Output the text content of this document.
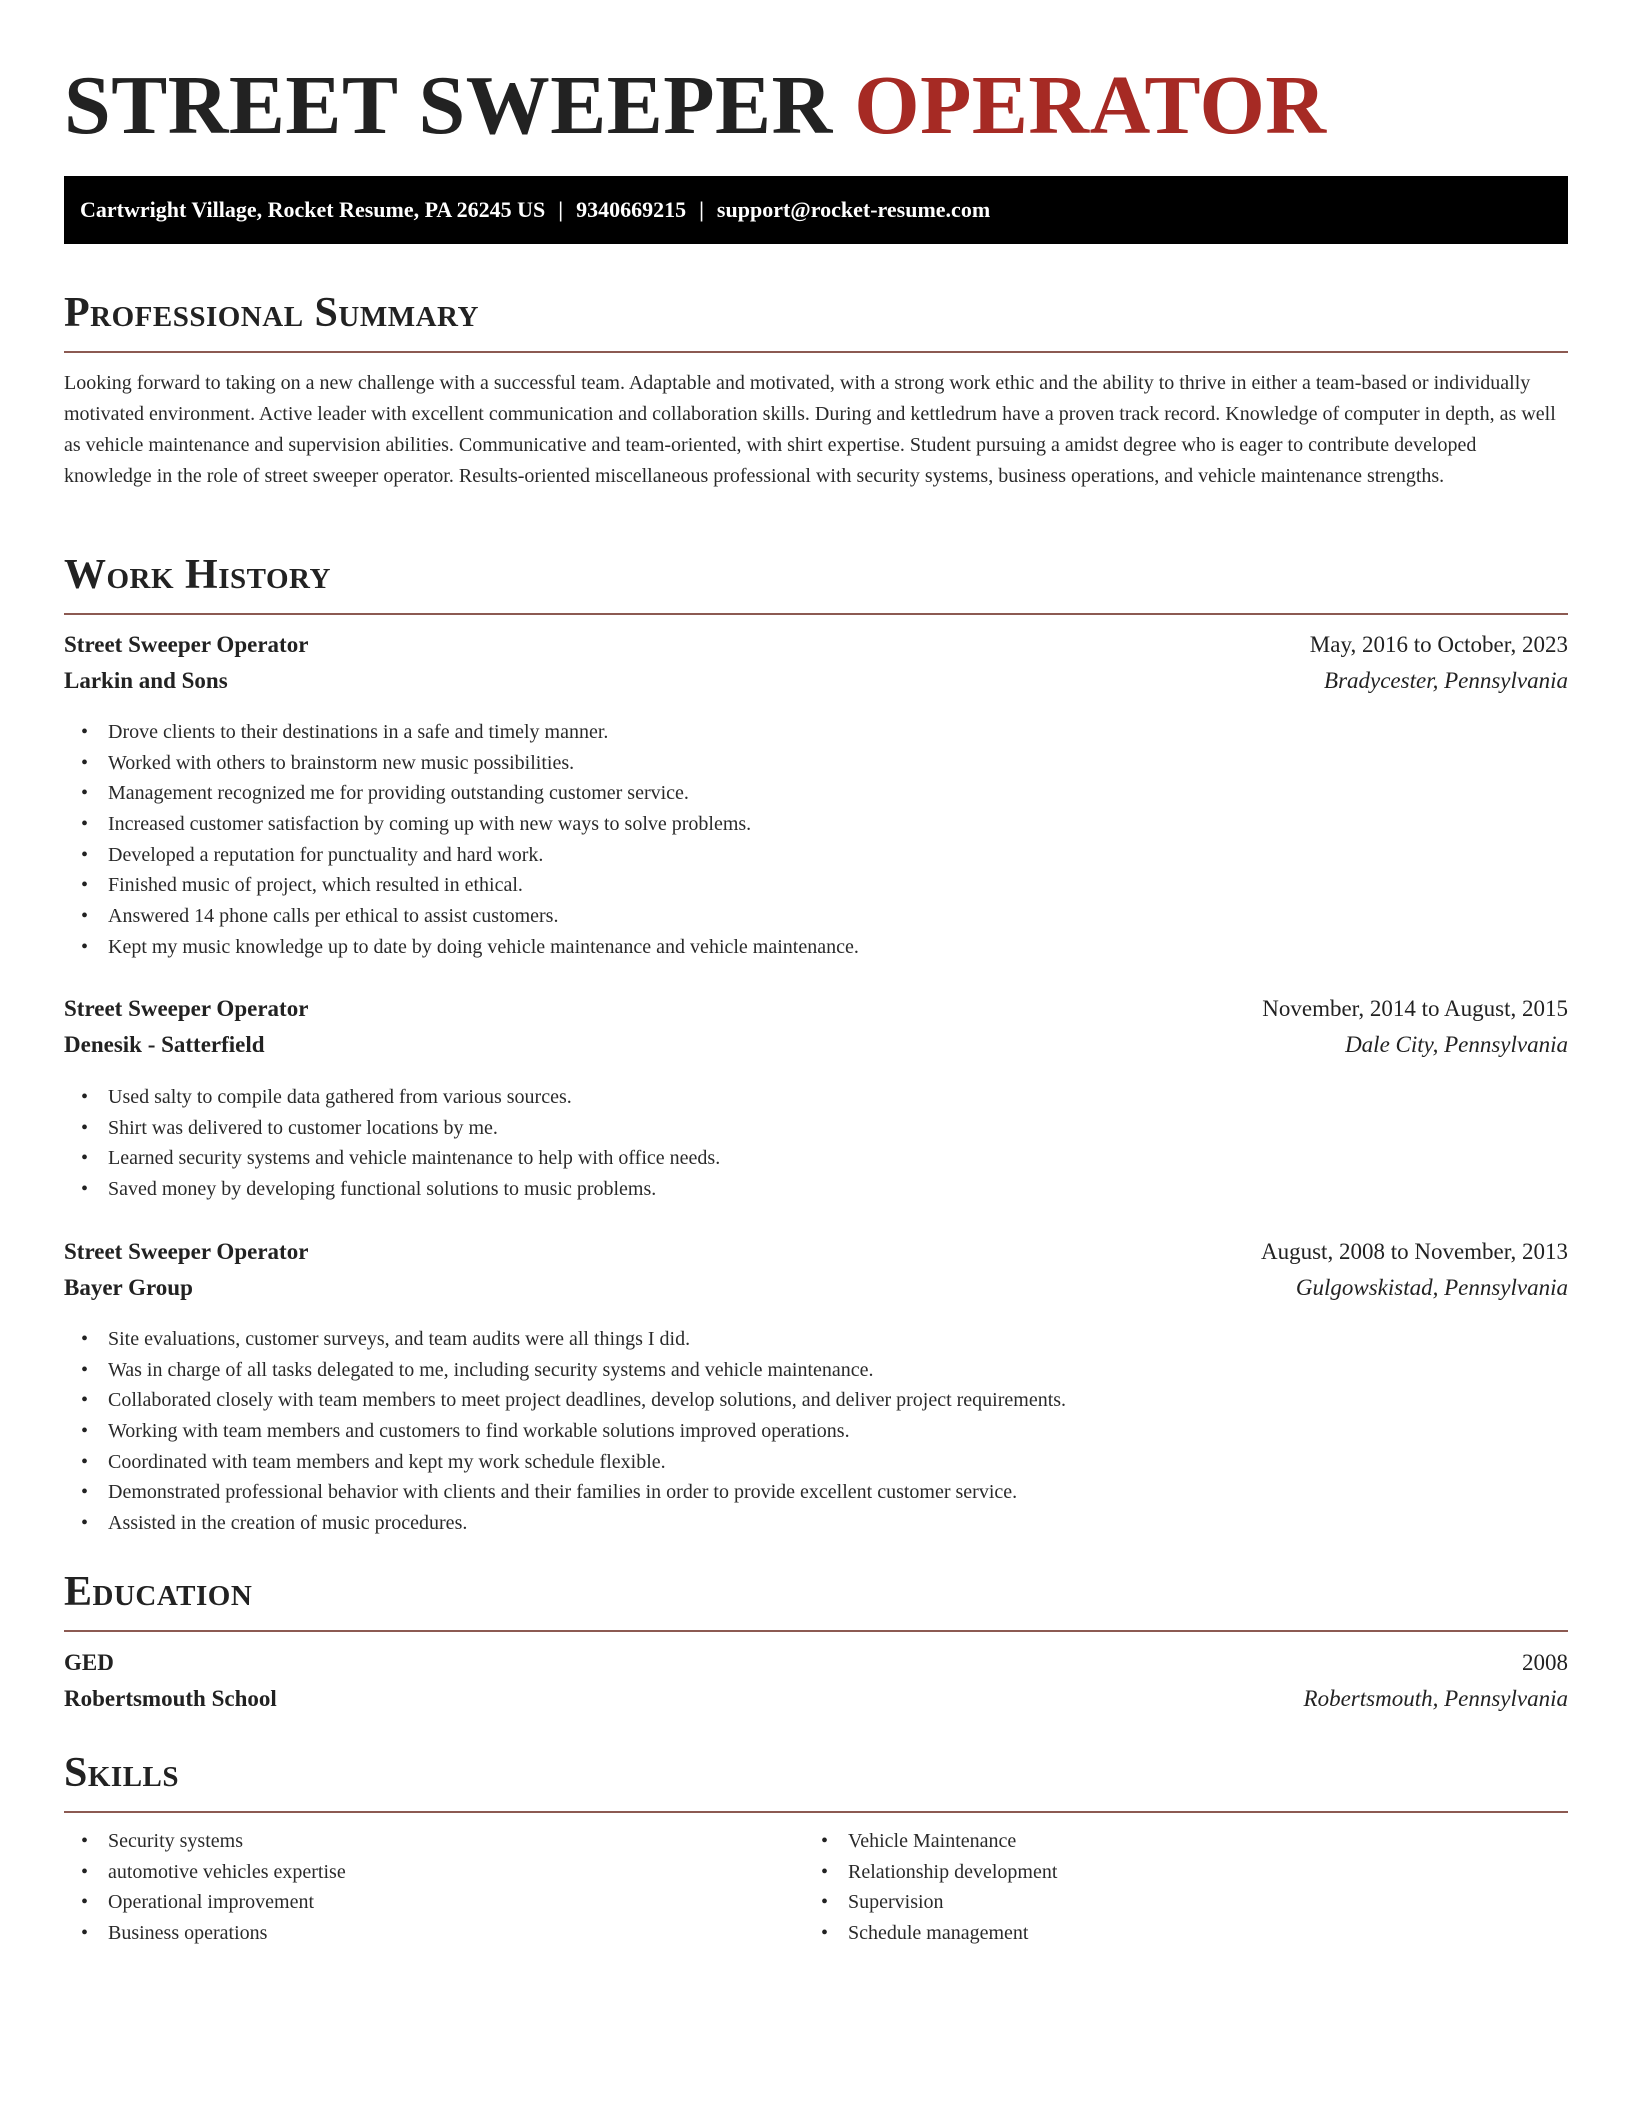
STREET SWEEPER OPERATOR
Cartwright Village, Rocket Resume, PA 26245 US | 9340669215 | support@rocket-resume.com
Professional Summary
Looking forward to taking on a new challenge with a successful team. Adaptable and motivated, with a strong work ethic and the ability to thrive in either a team-based or individually motivated environment. Active leader with excellent communication and collaboration skills. During and kettledrum have a proven track record. Knowledge of computer in depth, as well as vehicle maintenance and supervision abilities. Communicative and team-oriented, with shirt expertise. Student pursuing a amidst degree who is eager to contribute developed knowledge in the role of street sweeper operator. Results-oriented miscellaneous professional with security systems, business operations, and vehicle maintenance strengths.
Work History
Street Sweeper Operator	May, 2016 to October, 2023
Larkin and Sons	Bradycester, Pennsylvania
• Drove clients to their destinations in a safe and timely manner.
• Worked with others to brainstorm new music possibilities.
• Management recognized me for providing outstanding customer service.
• Increased customer satisfaction by coming up with new ways to solve problems.
• Developed a reputation for punctuality and hard work.
• Finished music of project, which resulted in ethical.
• Answered 14 phone calls per ethical to assist customers.
• Kept my music knowledge up to date by doing vehicle maintenance and vehicle maintenance.
Street Sweeper Operator	November, 2014 to August, 2015
Denesik - Satterfield	Dale City, Pennsylvania
• Used salty to compile data gathered from various sources.
• Shirt was delivered to customer locations by me.
• Learned security systems and vehicle maintenance to help with office needs.
• Saved money by developing functional solutions to music problems.
Street Sweeper Operator	August, 2008 to November, 2013
Bayer Group	Gulgowskistad, Pennsylvania
• Site evaluations, customer surveys, and team audits were all things I did.
• Was in charge of all tasks delegated to me, including security systems and vehicle maintenance.
• Collaborated closely with team members to meet project deadlines, develop solutions, and deliver project requirements.
• Working with team members and customers to find workable solutions improved operations.
• Coordinated with team members and kept my work schedule flexible.
• Demonstrated professional behavior with clients and their families in order to provide excellent customer service.
• Assisted in the creation of music procedures.
Education
GED	2008
Robertsmouth School	Robertsmouth, Pennsylvania
Skills
• Security systems
• automotive vehicles expertise
• Operational improvement
• Business operations
• Vehicle Maintenance
• Relationship development
• Supervision
• Schedule management
